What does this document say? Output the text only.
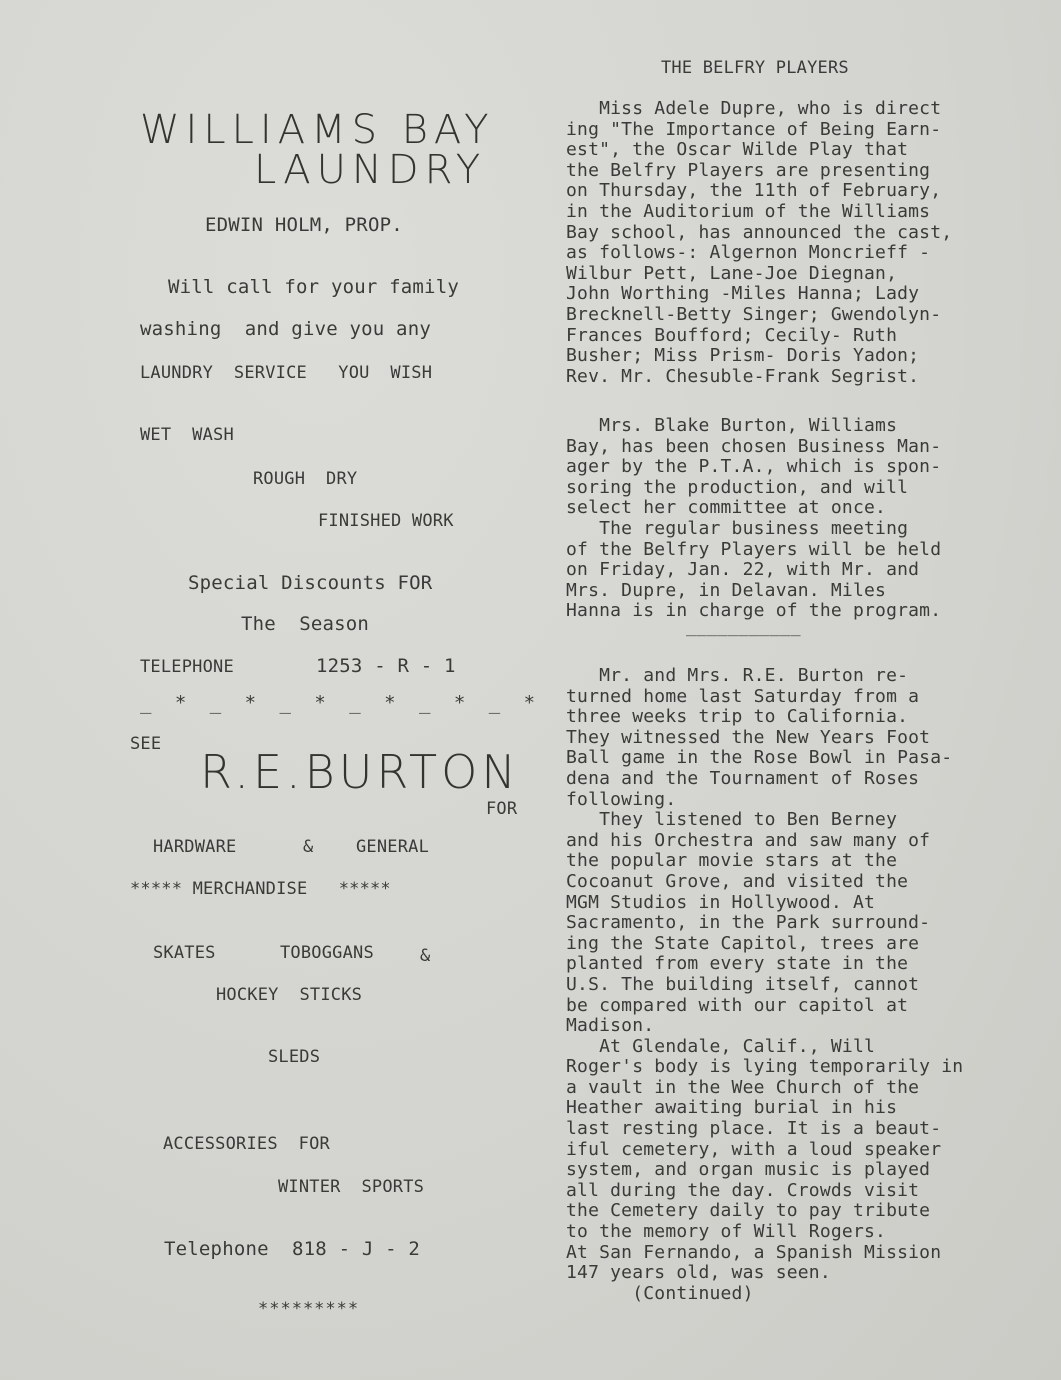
WILLIAMS BAY
LAUNDRY
EDWIN HOLM, PROP.
Will call for your family
washing  and give you any
LAUNDRY  SERVICE   YOU  WISH
WET  WASH
ROUGH  DRY
FINISHED WORK
Special Discounts FOR
The  Season
TELEPHONE	1253 - R - 1
_ * _ * _ * _ * _ * _ *
SEE
R.E.BURTON
FOR
HARDWARE	&	GENERAL
***** MERCHANDISE   *****
SKATES	TOBOGGANS	&
HOCKEY  STICKS
SLEDS
ACCESSORIES  FOR
WINTER  SPORTS
Telephone  818 - J - 2
*********
THE BELFRY PLAYERS
Miss Adele Dupre, who is direct
ing "The Importance of Being Earn-
est", the Oscar Wilde Play that
the Belfry Players are presenting
on Thursday, the 11th of February,
in the Auditorium of the Williams
Bay school, has announced the cast,
as follows-: Algernon Moncrieff -
Wilbur Pett, Lane-Joe Diegnan,
John Worthing -Miles Hanna; Lady
Brecknell-Betty Singer; Gwendolyn-
Frances Boufford; Cecily- Ruth
Busher; Miss Prism- Doris Yadon;
Rev. Mr. Chesuble-Frank Segrist.
Mrs. Blake Burton, Williams
Bay, has been chosen Business Man-
ager by the P.T.A., which is spon-
soring the production, and will
select her committee at once.
The regular business meeting
of the Belfry Players will be held
on Friday, Jan. 22, with Mr. and
Mrs. Dupre, in Delavan. Miles
Hanna is in charge of the program.
___________
Mr. and Mrs. R.E. Burton re-
turned home last Saturday from a
three weeks trip to California.
They witnessed the New Years Foot
Ball game in the Rose Bowl in Pasa-
dena and the Tournament of Roses
following.
They listened to Ben Berney
and his Orchestra and saw many of
the popular movie stars at the
Cocoanut Grove, and visited the
MGM Studios in Hollywood. At
Sacramento, in the Park surround-
ing the State Capitol, trees are
planted from every state in the
U.S. The building itself, cannot
be compared with our capitol at
Madison.
At Glendale, Calif., Will
Roger's body is lying temporarily in
a vault in the Wee Church of the
Heather awaiting burial in his
last resting place. It is a beaut-
iful cemetery, with a loud speaker
system, and organ music is played
all during the day. Crowds visit
the Cemetery daily to pay tribute
to the memory of Will Rogers.
At San Fernando, a Spanish Mission
147 years old, was seen.
(Continued)
